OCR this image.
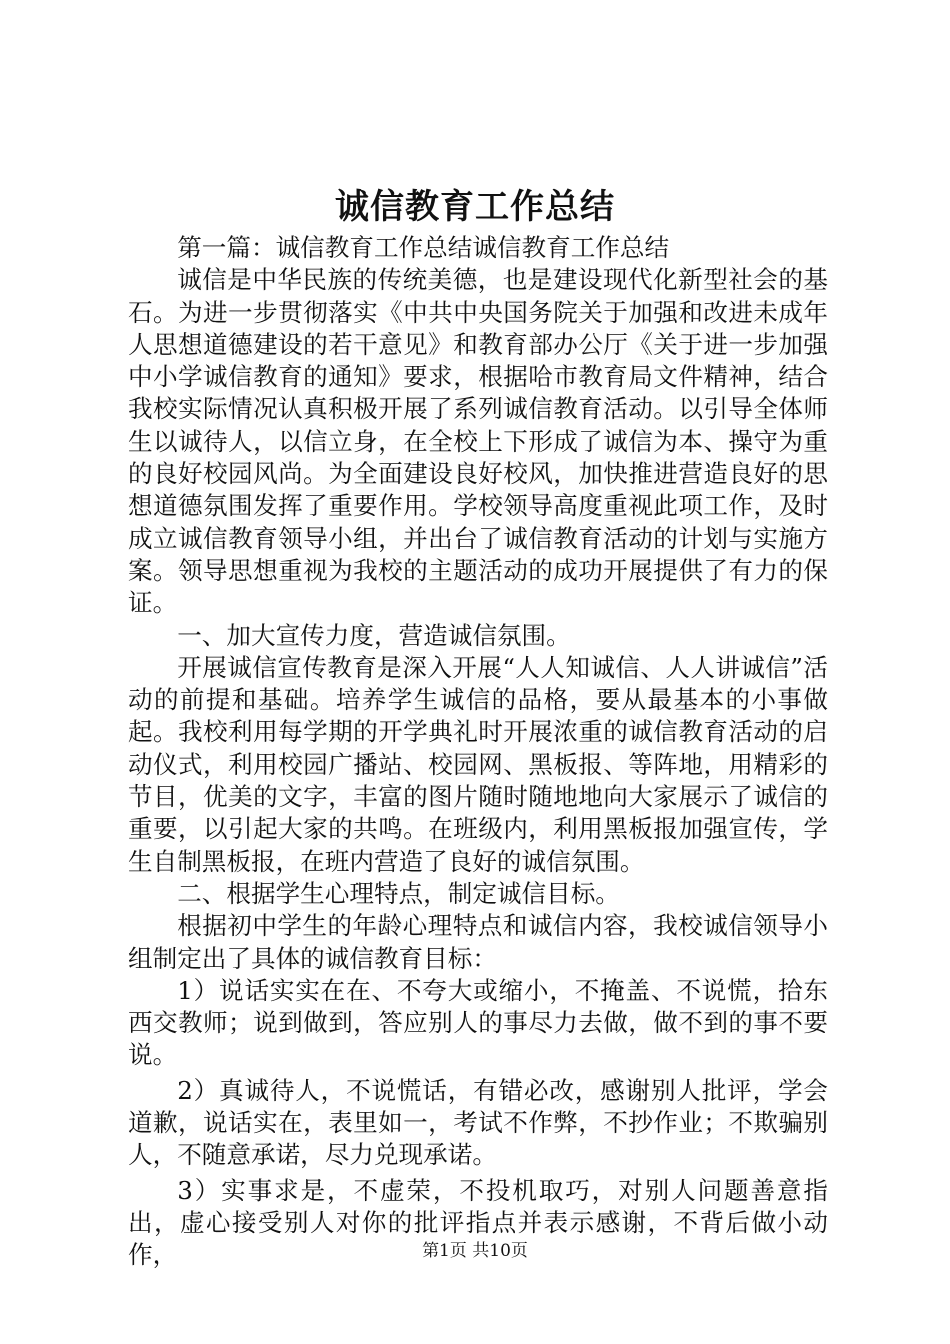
诚信教育工作总结

第一篇：诚信教育工作总结诚信教育工作总结

诚信是中华民族的传统美德，也是建设现代化新型社会的基石。为进一步贯彻落实《中共中央国务院关于加强和改进未成年人思想道德建设的若干意见》和教育部办公厅《关于进一步加强中小学诚信教育的通知》要求，根据哈市教育局文件精神，结合我校实际情况认真积极开展了系列诚信教育活动。以引导全体师生以诚待人，以信立身，在全校上下形成了诚信为本、操守为重的良好校园风尚。为全面建设良好校风，加快推进营造良好的思想道德氛围发挥了重要作用。学校领导高度重视此项工作，及时成立诚信教育领导小组，并出台了诚信教育活动的计划与实施方案。领导思想重视为我校的主题活动的成功开展提供了有力的保证。

一、加大宣传力度，营造诚信氛围。

开展诚信宣传教育是深入开展“人人知诚信、人人讲诚信”活动的前提和基础。培养学生诚信的品格，要从最基本的小事做起。我校利用每学期的开学典礼时开展浓重的诚信教育活动的启动仪式，利用校园广播站、校园网、黑板报、等阵地，用精彩的节目，优美的文字，丰富的图片随时随地地向大家展示了诚信的重要，以引起大家的共鸣。在班级内，利用黑板报加强宣传，学生自制黑板报，在班内营造了良好的诚信氛围。

二、根据学生心理特点，制定诚信目标。

根据初中学生的年龄心理特点和诚信内容，我校诚信领导小组制定出了具体的诚信教育目标：

1）说话实实在在、不夸大或缩小，不掩盖、不说慌，拾东西交教师；说到做到，答应别人的事尽力去做，做不到的事不要说。

2）真诚待人，不说慌话，有错必改，感谢别人批评，学会道歉，说话实在，表里如一，考试不作弊，不抄作业；不欺骗别人，不随意承诺，尽力兑现承诺。

3）实事求是，不虚荣，不投机取巧，对别人问题善意指出，虚心接受别人对你的批评指点并表示感谢，不背后做小动作，	第1页 共10页
